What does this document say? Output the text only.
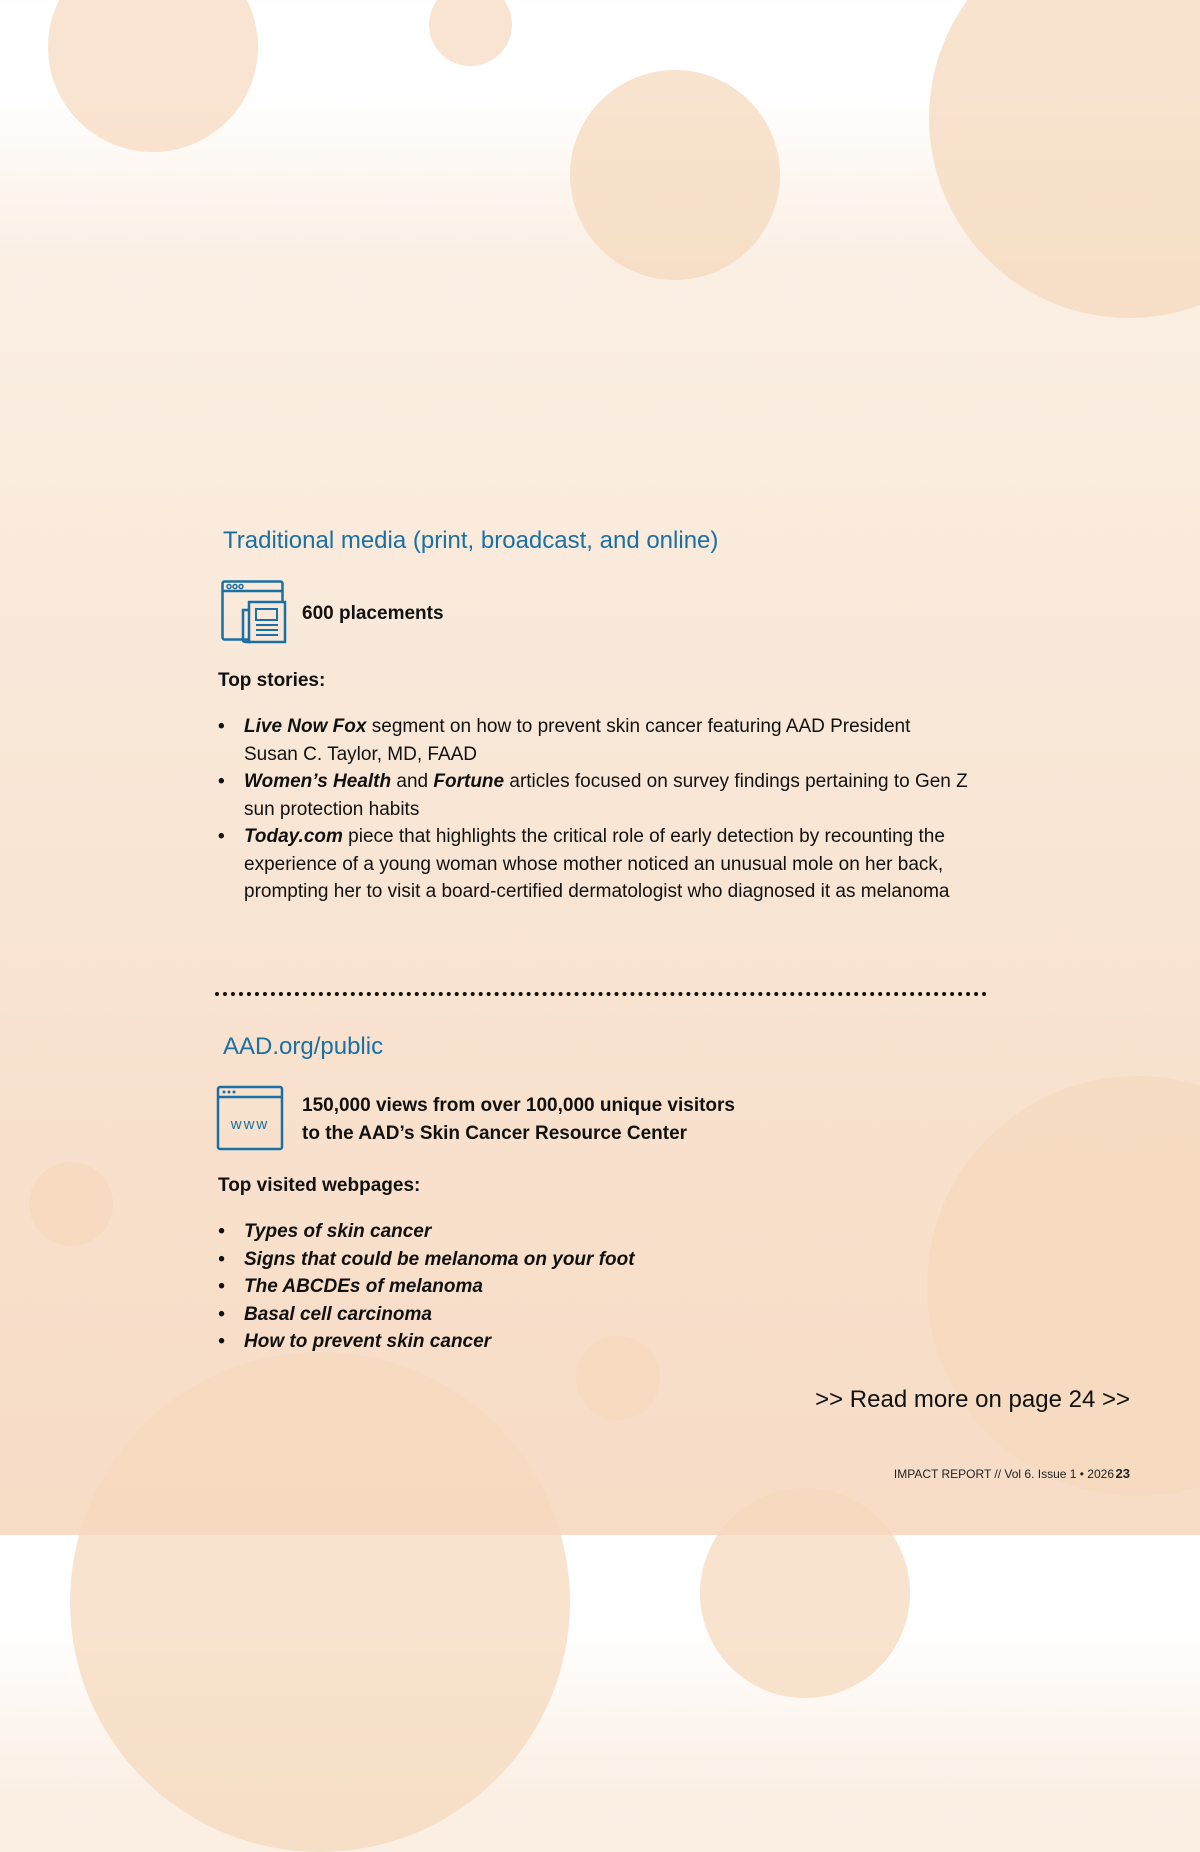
Traditional media (print, broadcast, and online)
600 placements
Top stories:
• Live Now Fox segment on how to prevent skin cancer featuring AAD President Susan C. Taylor, MD, FAAD
• Women’s Health and Fortune articles focused on survey findings pertaining to Gen Z sun protection habits
• Today.com piece that highlights the critical role of early detection by recounting the experience of a young woman whose mother noticed an unusual mole on her back, prompting her to visit a board-certified dermatologist who diagnosed it as melanoma
AAD.org/public
www
150,000 views from over 100,000 unique visitors
to the AAD’s Skin Cancer Resource Center
Top visited webpages:
• Types of skin cancer
• Signs that could be melanoma on your foot
• The ABCDEs of melanoma
• Basal cell carcinoma
• How to prevent skin cancer
>> Read more on page 24 >>
IMPACT REPORT // Vol 6. Issue 1 • 2026 23
